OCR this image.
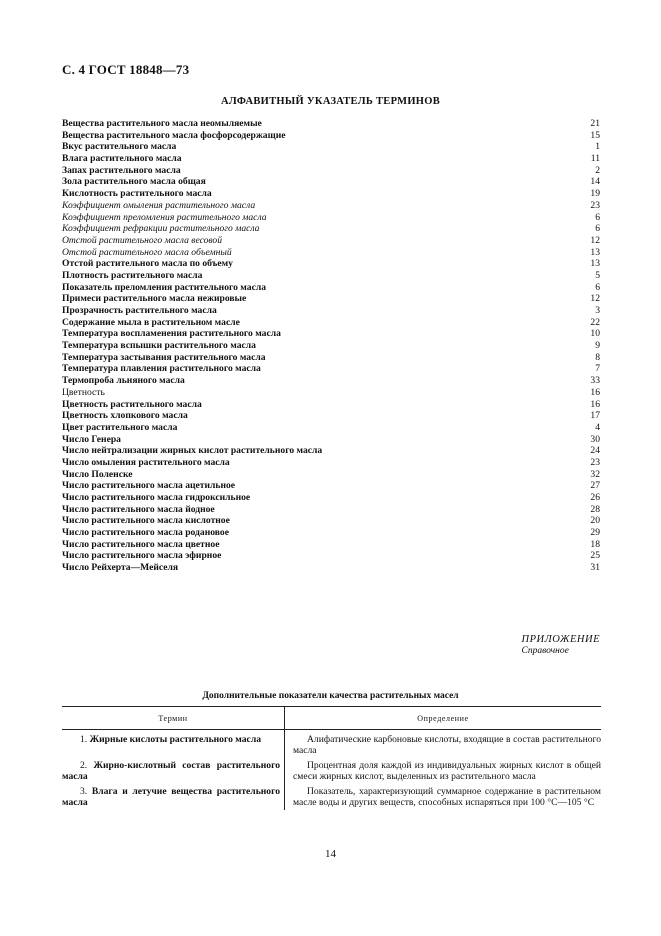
С. 4 ГОСТ 18848—73
АЛФАВИТНЫЙ УКАЗАТЕЛЬ ТЕРМИНОВ
Вещества растительного масла неомыляемые	21
Вещества растительного масла фосфорсодержащие	15
Вкус растительного масла	1
Влага растительного масла	11
Запах растительного масла	2
Зола растительного масла общая	14
Кислотность растительного масла	19
Коэффициент омыления растительного масла	23
Коэффициент преломления растительного масла	6
Коэффициент рефракции растительного масла	6
Отстой растительного масла весовой	12
Отстой растительного масла объемный	13
Отстой растительного масла по объему	13
Плотность растительного масла	5
Показатель преломления растительного масла	6
Примеси растительного масла нежировые	12
Прозрачность растительного масла	3
Содержание мыла в растительном масле	22
Температура воспламенения растительного масла	10
Температура вспышки растительного масла	9
Температура застывания растительного масла	8
Температура плавления растительного масла	7
Термопроба льняного масла	33
Цветность	16
Цветность растительного масла	16
Цветность хлопкового масла	17
Цвет растительного масла	4
Число Генера	30
Число нейтрализации жирных кислот растительного масла	24
Число омыления растительного масла	23
Число Поленске	32
Число растительного масла ацетильное	27
Число растительного масла гидроксильное	26
Число растительного масла йодное	28
Число растительного масла кислотное	20
Число растительного масла родановое	29
Число растительного масла цветное	18
Число растительного масла эфирное	25
Число Рейхерта—Мейселя	31
ПРИЛОЖЕНИЕ
Справочное
Дополнительные показатели качества растительных масел
Термин	Определение
1. Жирные кислоты растительного масла	Алифатические карбоновые кислоты, входящие в состав растительного масла
2. Жирно-кислотный состав растительного масла	Процентная доля каждой из индивидуальных жирных кислот в общей смеси жирных кислот, выделенных из растительного масла
3. Влага и летучие вещества растительного масла	Показатель, характеризующий суммарное содержание в растительном масле воды и других веществ, способных испаряться при 100 °С—105 °С
14
